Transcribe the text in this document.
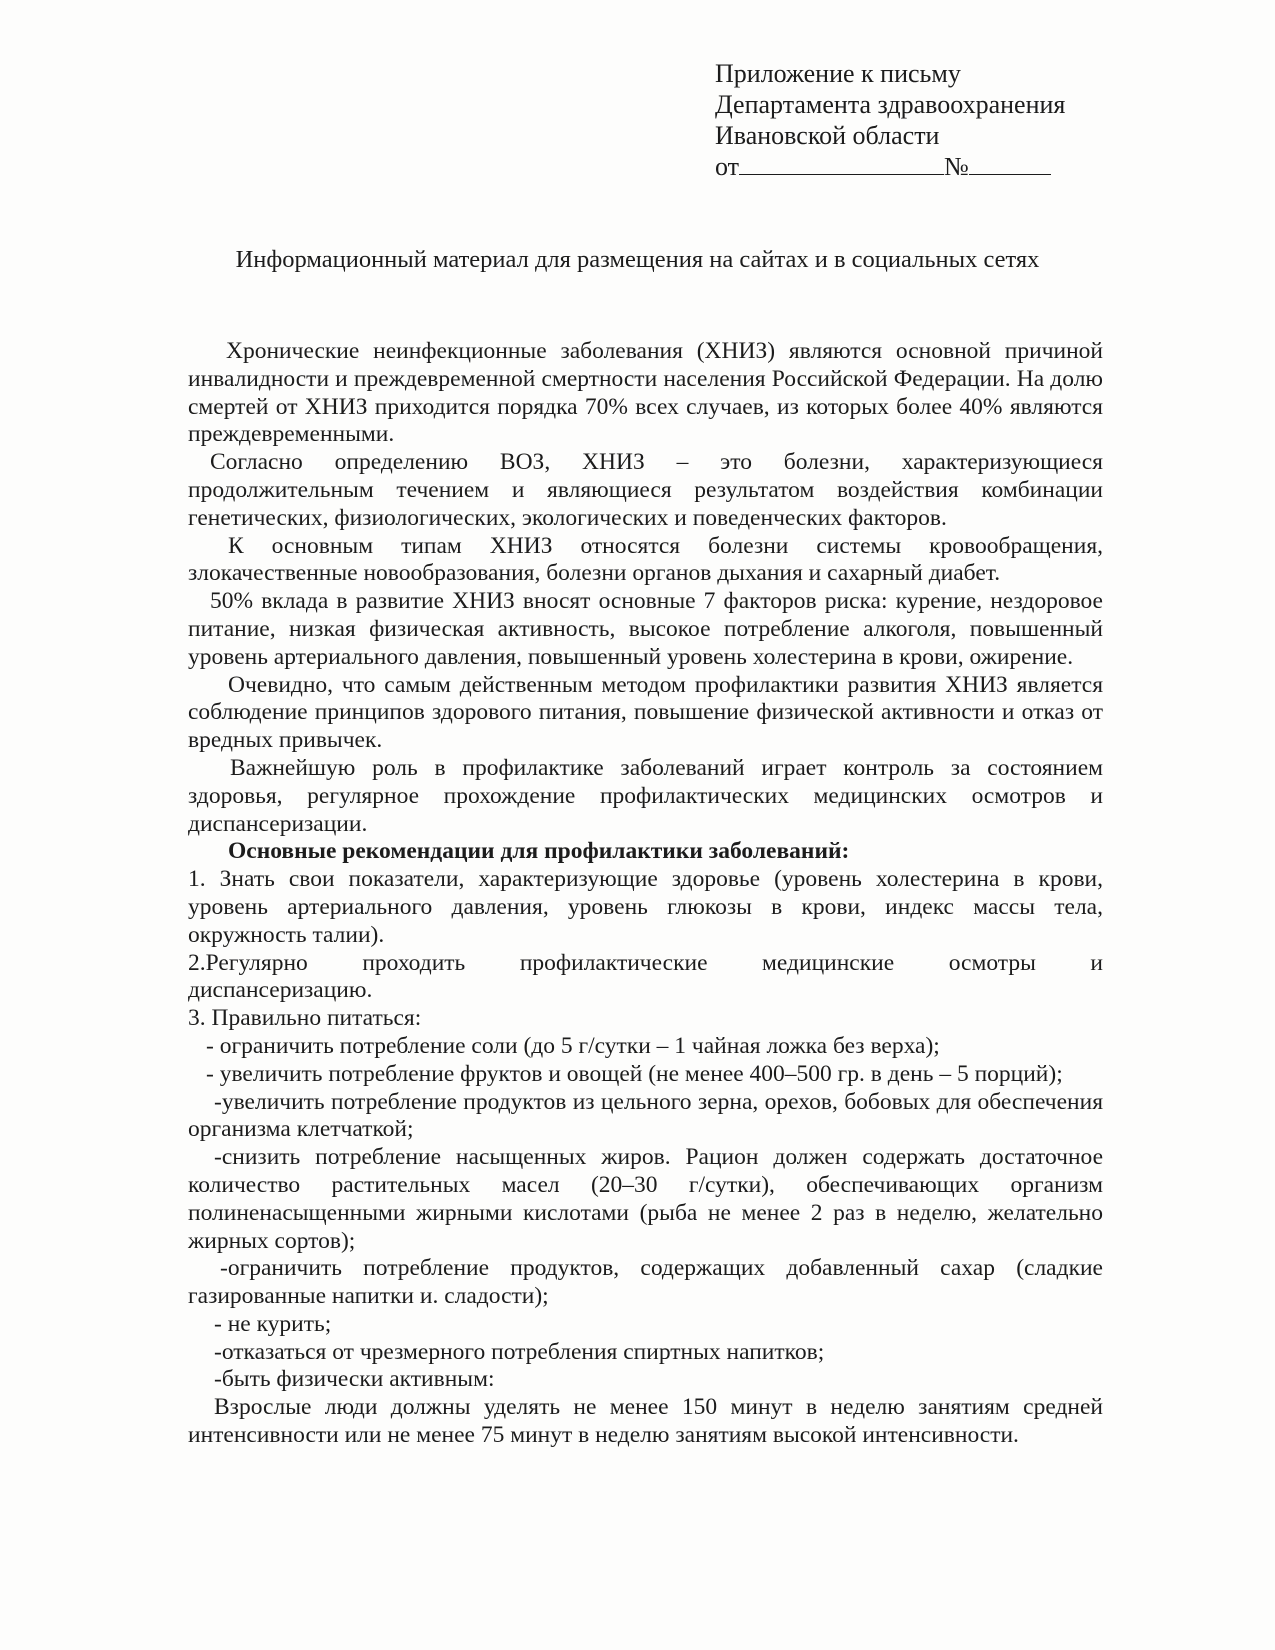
Приложение к письму
Департамента здравоохранения
Ивановской области
от	№
Информационный материал для размещения на сайтах и в социальных сетях

Хронические неинфекционные заболевания (ХНИЗ) являются основной причиной инвалидности и преждевременной смертности населения Российской Федерации. На долю смертей от ХНИЗ приходится порядка 70% всех случаев, из которых более 40% являются преждевременными.

Согласно определению ВОЗ, ХНИЗ – это болезни, характеризующиеся продолжительным течением и являющиеся результатом воздействия комбинации генетических, физиологических, экологических и поведенческих факторов.

К основным типам ХНИЗ относятся болезни системы кровообращения, злокачественные новообразования, болезни органов дыхания и сахарный диабет.

50% вклада в развитие ХНИЗ вносят основные 7 факторов риска: курение, нездоровое питание, низкая физическая активность, высокое потребление алкоголя, повышенный уровень артериального давления, повышенный уровень холестерина в крови, ожирение.

Очевидно, что самым действенным методом профилактики развития ХНИЗ является соблюдение принципов здорового питания, повышение физической активности и отказ от вредных привычек.

Важнейшую роль в профилактике заболеваний играет контроль за состоянием здоровья, регулярное прохождение профилактических медицинских осмотров и диспансеризации.

Основные рекомендации для профилактики заболеваний:

1. Знать свои показатели, характеризующие здоровье (уровень холестерина в крови, уровень артериального давления, уровень глюкозы в крови, индекс массы тела, окружность талии).

2.Регулярно проходить профилактические медицинские осмотры и

диспансеризацию.

3. Правильно питаться:

- ограничить потребление соли (до 5 г/сутки – 1 чайная ложка без верха);

- увеличить потребление фруктов и овощей (не менее 400–500 гр. в день – 5 порций);

-увеличить потребление продуктов из цельного зерна, орехов, бобовых для обеспечения организма клетчаткой;

-снизить потребление насыщенных жиров. Рацион должен содержать достаточное количество растительных масел (20–30 г/сутки), обеспечивающих организм полиненасыщенными жирными кислотами (рыба не менее 2 раз в неделю, желательно жирных сортов);

-ограничить потребление продуктов, содержащих добавленный сахар (сладкие газированные напитки и. сладости);

- не курить;

-отказаться от чрезмерного потребления спиртных напитков;

-быть физически активным:

Взрослые люди должны уделять не менее 150 минут в неделю занятиям средней интенсивности или не менее 75 минут в неделю занятиям высокой интенсивности.
